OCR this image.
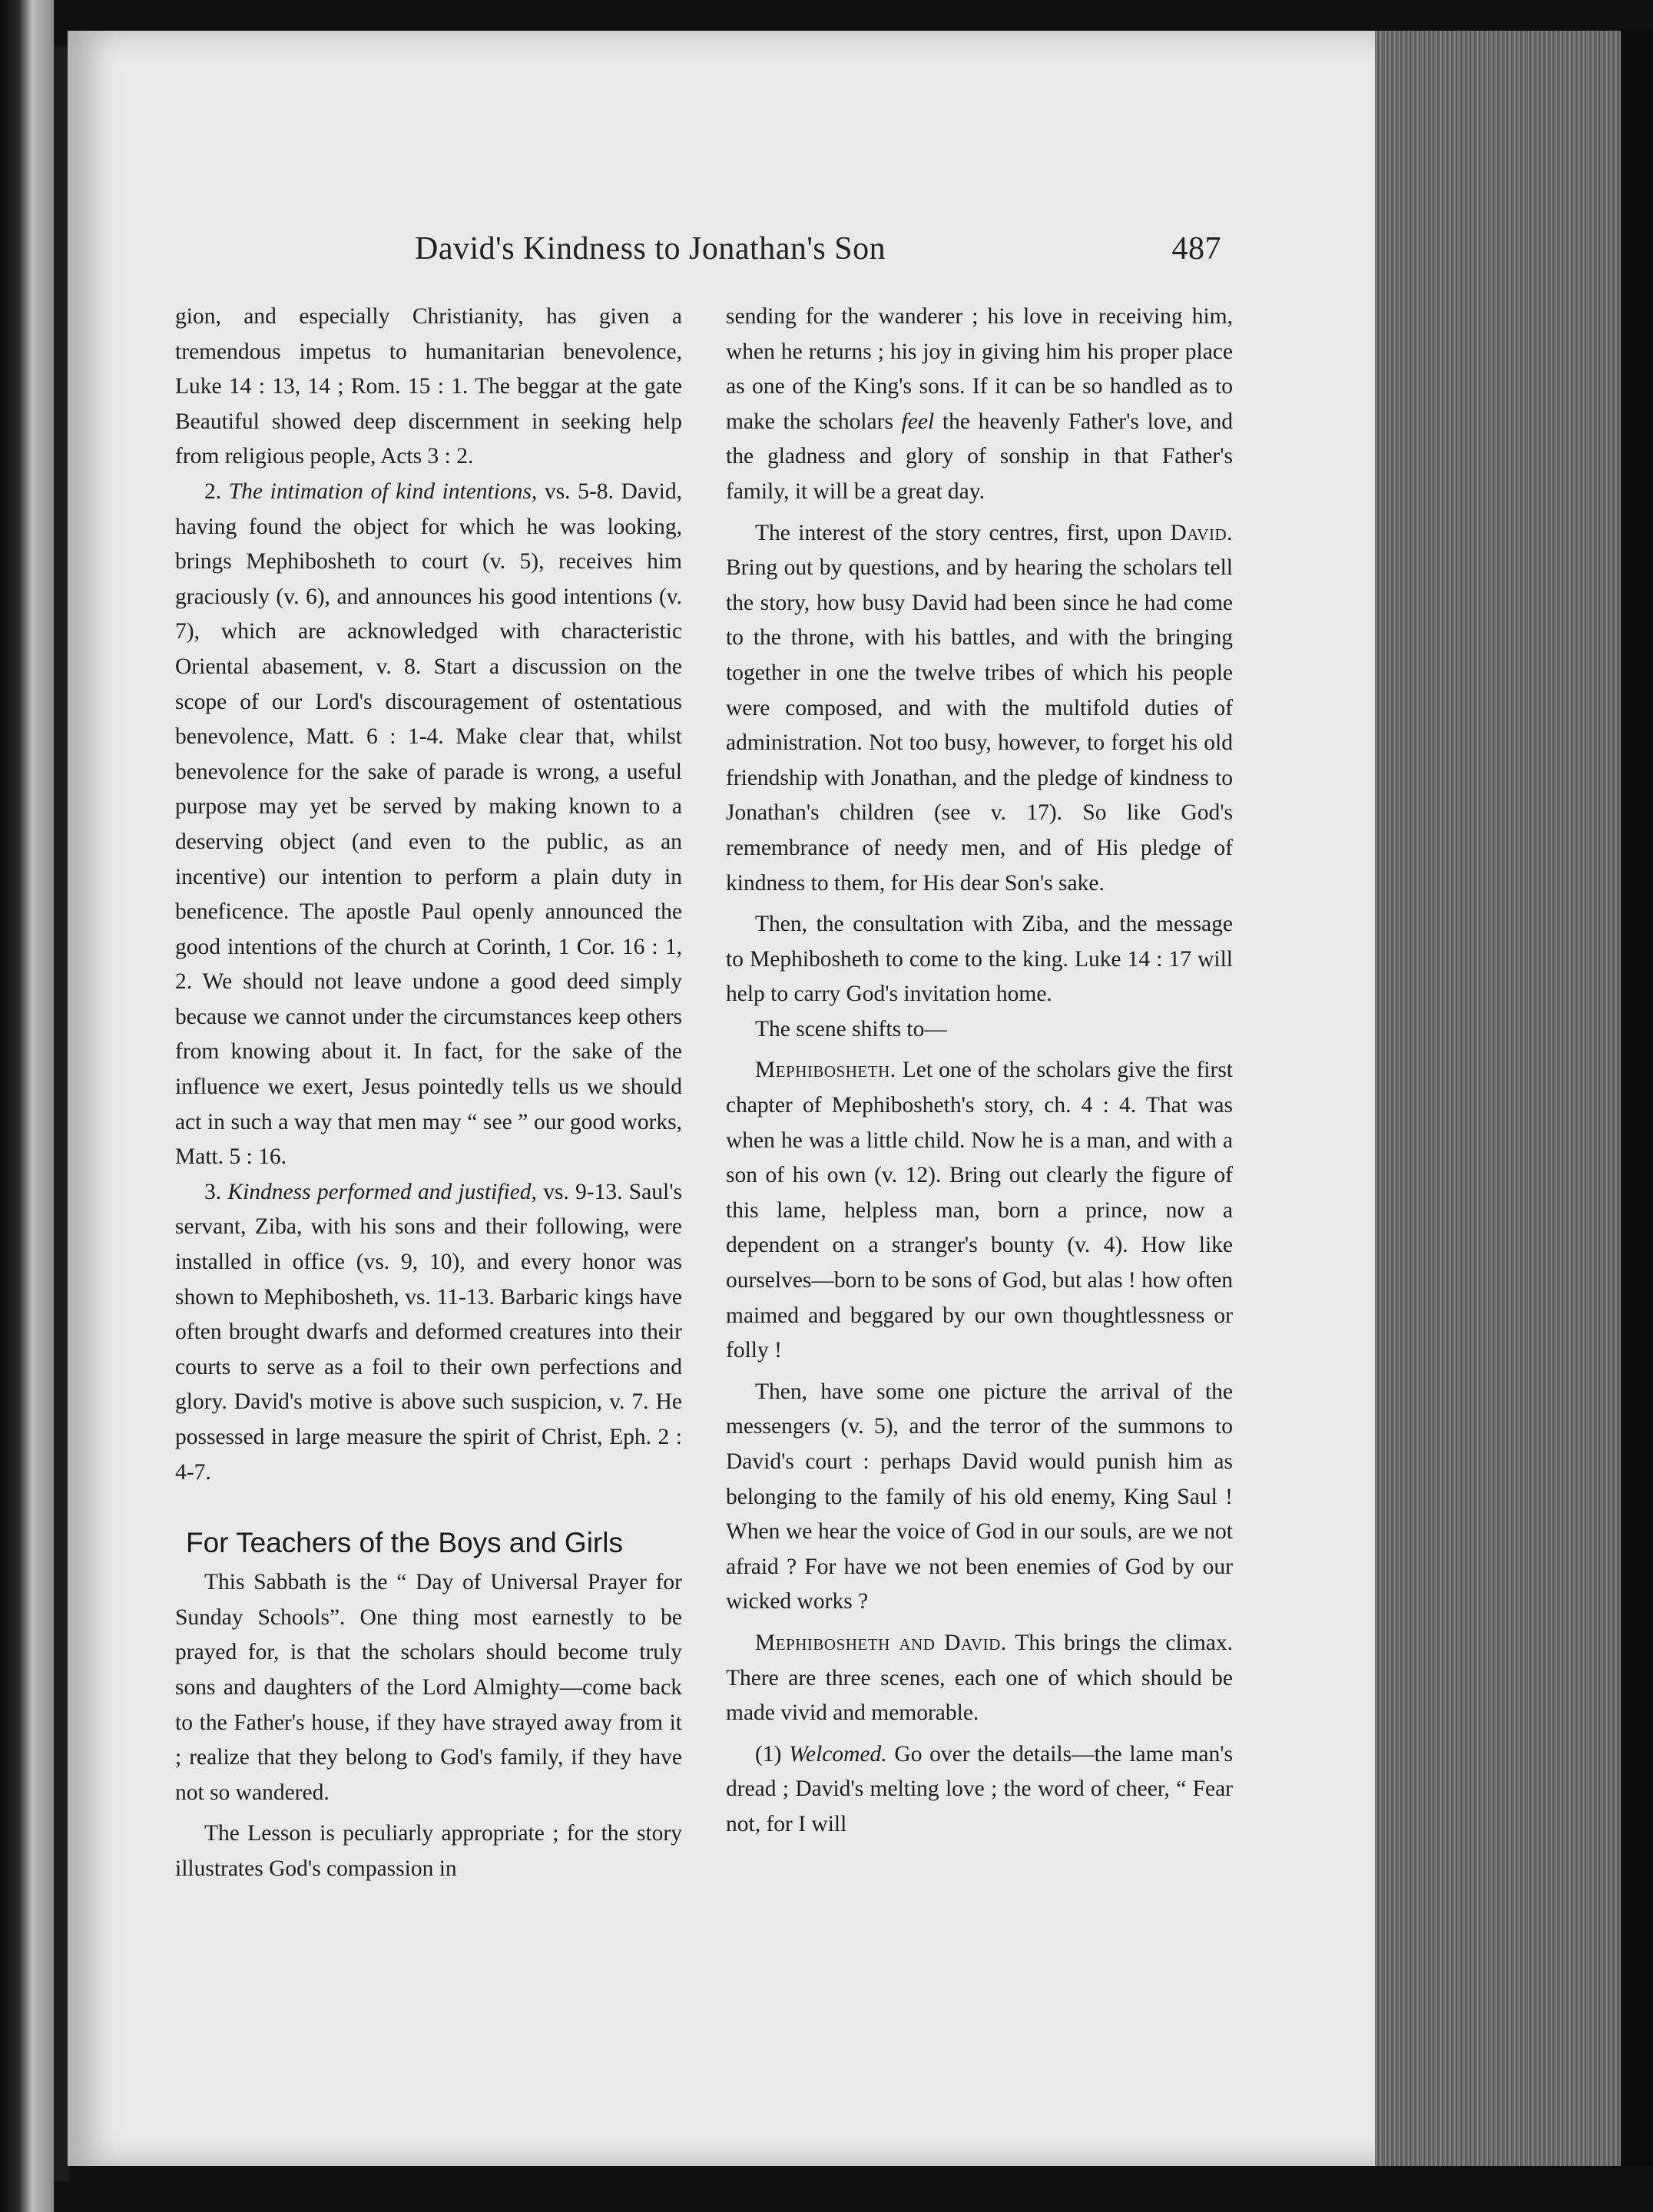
David's Kindness to Jonathan's Son	487

gion, and especially Christianity, has given a tremendous impetus to humanitarian benevolence, Luke 14 : 13, 14 ; Rom. 15 : 1. The beggar at the gate Beautiful showed deep discernment in seeking help from religious people, Acts 3 : 2.

2. The intimation of kind intentions, vs. 5-8. David, having found the object for which he was looking, brings Mephibosheth to court (v. 5), receives him graciously (v. 6), and announces his good intentions (v. 7), which are acknowledged with characteristic Oriental abasement, v. 8. Start a discussion on the scope of our Lord's discouragement of ostentatious benevolence, Matt. 6 : 1-4. Make clear that, whilst benevolence for the sake of parade is wrong, a useful purpose may yet be served by making known to a deserving object (and even to the public, as an incentive) our intention to perform a plain duty in beneficence. The apostle Paul openly announced the good intentions of the church at Corinth, 1 Cor. 16 : 1, 2. We should not leave undone a good deed simply because we cannot under the circumstances keep others from knowing about it. In fact, for the sake of the influence we exert, Jesus pointedly tells us we should act in such a way that men may “ see ” our good works, Matt. 5 : 16.

3. Kindness performed and justified, vs. 9-13. Saul's servant, Ziba, with his sons and their following, were installed in office (vs. 9, 10), and every honor was shown to Mephibosheth, vs. 11-13. Barbaric kings have often brought dwarfs and deformed creatures into their courts to serve as a foil to their own perfections and glory. David's motive is above such suspicion, v. 7. He possessed in large measure the spirit of Christ, Eph. 2 : 4-7.

For Teachers of the Boys and Girls

This Sabbath is the “ Day of Universal Prayer for Sunday Schools”. One thing most earnestly to be prayed for, is that the scholars should become truly sons and daughters of the Lord Almighty—come back to the Father's house, if they have strayed away from it ; realize that they belong to God's family, if they have not so wandered.

The Lesson is peculiarly appropriate ; for the story illustrates God's compassion in

sending for the wanderer ; his love in receiving him, when he returns ; his joy in giving him his proper place as one of the King's sons. If it can be so handled as to make the scholars feel the heavenly Father's love, and the gladness and glory of sonship in that Father's family, it will be a great day.

The interest of the story centres, first, upon David. Bring out by questions, and by hearing the scholars tell the story, how busy David had been since he had come to the throne, with his battles, and with the bringing together in one the twelve tribes of which his people were composed, and with the multifold duties of administration. Not too busy, however, to forget his old friendship with Jonathan, and the pledge of kindness to Jonathan's children (see v. 17). So like God's remembrance of needy men, and of His pledge of kindness to them, for His dear Son's sake.

Then, the consultation with Ziba, and the message to Mephibosheth to come to the king. Luke 14 : 17 will help to carry God's invitation home.

The scene shifts to—

Mephibosheth. Let one of the scholars give the first chapter of Mephibosheth's story, ch. 4 : 4. That was when he was a little child. Now he is a man, and with a son of his own (v. 12). Bring out clearly the figure of this lame, helpless man, born a prince, now a dependent on a stranger's bounty (v. 4). How like ourselves—born to be sons of God, but alas ! how often maimed and beggared by our own thoughtlessness or folly !

Then, have some one picture the arrival of the messengers (v. 5), and the terror of the summons to David's court : perhaps David would punish him as belonging to the family of his old enemy, King Saul ! When we hear the voice of God in our souls, are we not afraid ? For have we not been enemies of God by our wicked works ?

Mephibosheth and David. This brings the climax. There are three scenes, each one of which should be made vivid and memorable.

(1) Welcomed. Go over the details—the lame man's dread ; David's melting love ; the word of cheer, “ Fear not, for I will
